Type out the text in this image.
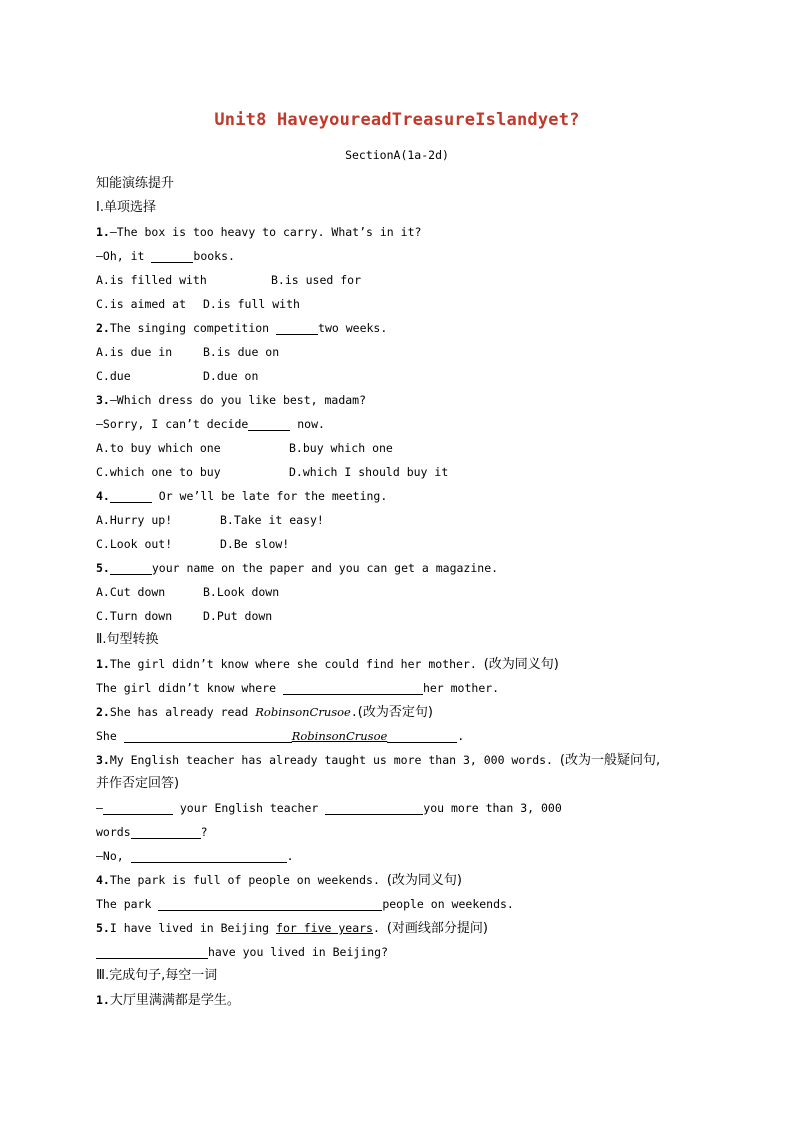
Unit8 HaveyoureadTreasureIslandyet?
SectionA(1a-2d)
知能演练提升
Ⅰ.单项选择
1.—The box is too heavy to carry. What’s in it?
—Oh, it	books.
A.is filled with	B.is used for
C.is aimed at D.is full with
2.The singing competition	two weeks.
A.is due in	B.is due on
C.due	D.due on
3.—Which dress do you like best, madam?
—Sorry, I can’t decide	now.
A.to buy which one	B.buy which one
C.which one to buy	D.which I should buy it
4.	Or we’ll be late for the meeting.
A.Hurry up!	B.Take it easy!
C.Look out!	D.Be slow!
5.	your name on the paper and you can get a magazine.
A.Cut down	B.Look down
C.Turn down	D.Put down
Ⅱ.句型转换
1.The girl didn’t know where she could find her mother. (改为同义句)
The girl didn’t know where	her mother.
2.She has already read RobinsonCrusoe.(改为否定句)
She	RobinsonCrusoe	.
3.My English teacher has already taught us more than 3, 000 words. (改为一般疑问句,
并作否定回答)
—	your English teacher	you more than 3, 000
words	?
—No,	.
4.The park is full of people on weekends. (改为同义句)
The park	people on weekends.
5.I have lived in Beijing for five years. (对画线部分提问)
have you lived in Beijing?
Ⅲ.完成句子,每空一词
1.大厅里满满都是学生。
